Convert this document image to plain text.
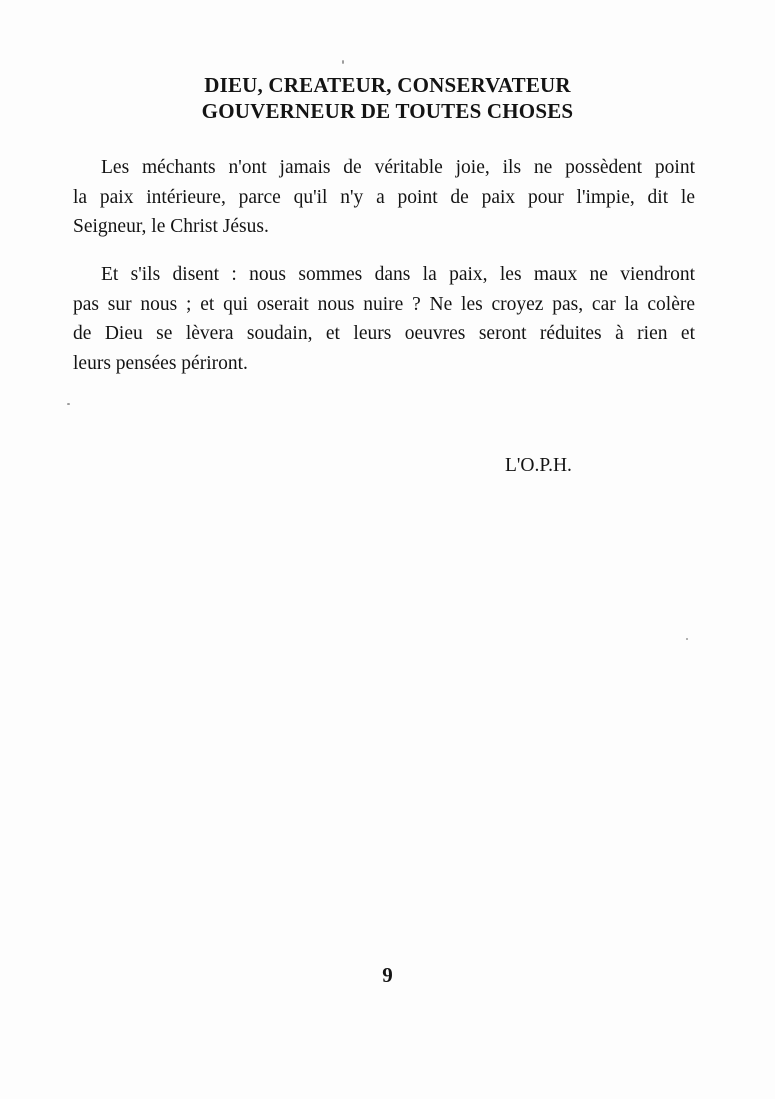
DIEU, CREATEUR, CONSERVATEUR
GOUVERNEUR DE TOUTES CHOSES
Les méchants n'ont jamais de véritable joie, ils ne possèdent point
la paix intérieure, parce qu'il n'y a point de paix pour l'impie, dit le
Seigneur, le Christ Jésus.
Et s'ils disent : nous sommes dans la paix, les maux ne viendront
pas sur nous ; et qui oserait nous nuire ? Ne les croyez pas, car la colère
de Dieu se lèvera soudain, et leurs oeuvres seront réduites à rien et
leurs pensées périront.
L'O.P.H.
9
